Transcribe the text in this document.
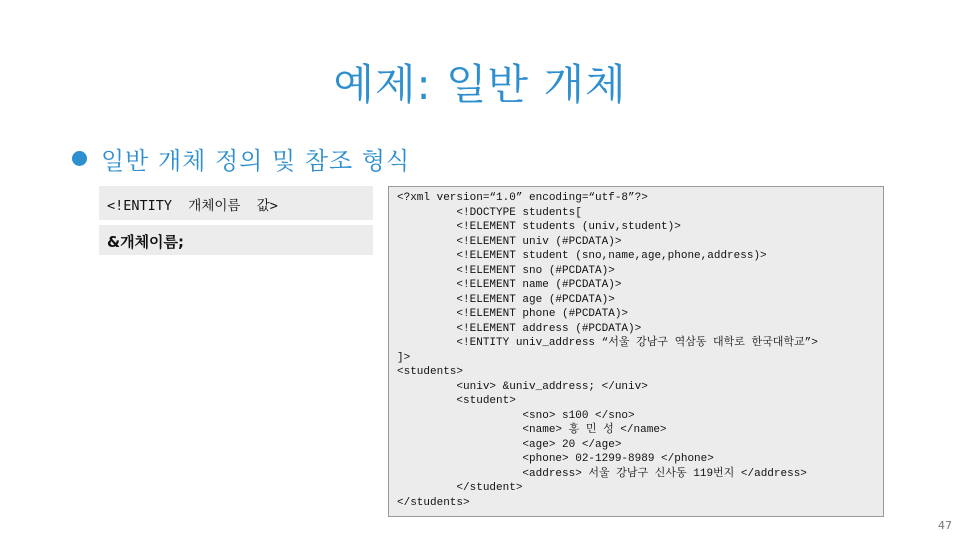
예제: 일반 개체
일반 개체 정의 및 참조 형식
<!ENTITY  개체이름  값>
&개체이름;
<?xml version=“1.0” encoding=“utf-8”?>
<!DOCTYPE students[
<!ELEMENT students (univ,student)>
<!ELEMENT univ (#PCDATA)>
<!ELEMENT student (sno,name,age,phone,address)>
<!ELEMENT sno (#PCDATA)>
<!ELEMENT name (#PCDATA)>
<!ELEMENT age (#PCDATA)>
<!ELEMENT phone (#PCDATA)>
<!ELEMENT address (#PCDATA)>
<!ENTITY univ_address “서울 강남구 역삼동 대학로 한국대학교”>
]>
<students>
<univ> &univ_address; </univ>
<student>
<sno> s100 </sno>
<name> 홍 민 성 </name>
<age> 20 </age>
<phone> 02-1299-8989 </phone>
<address> 서울 강남구 신사동 119번지 </address>
</student>
</students>
47
